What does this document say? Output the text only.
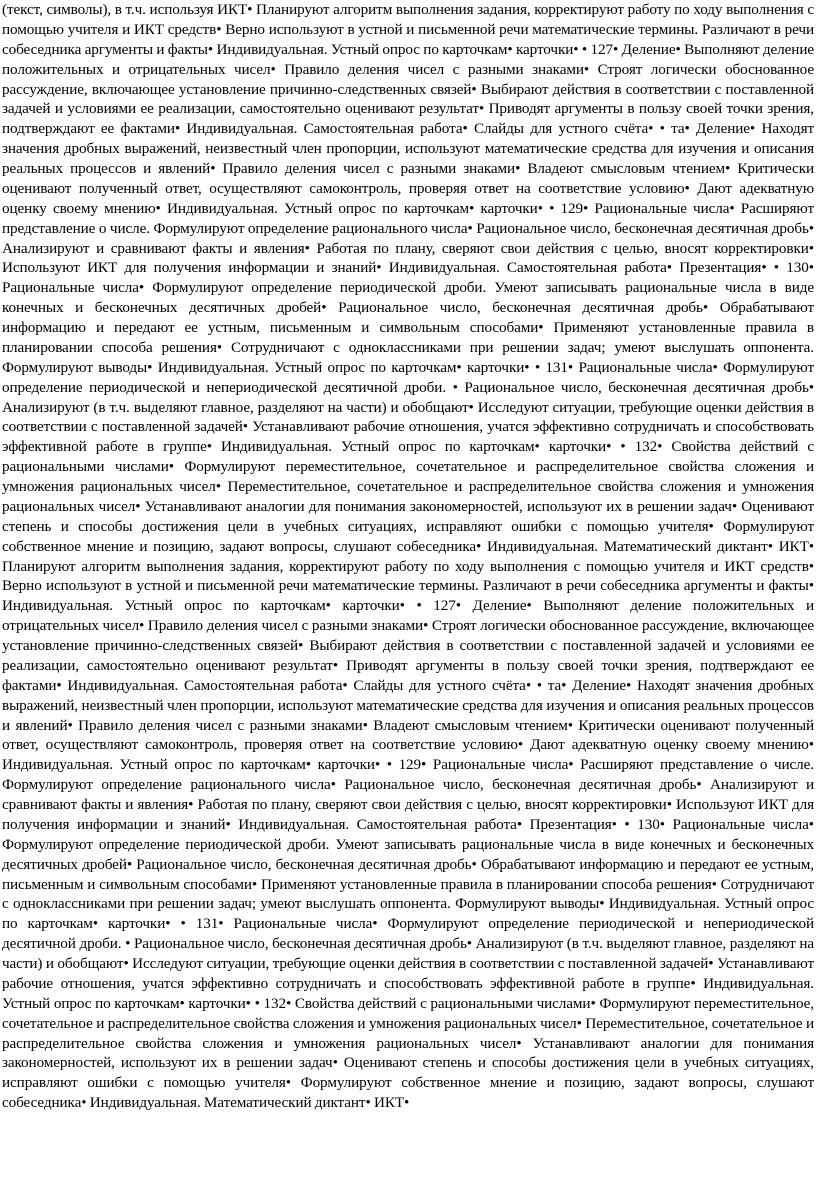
(текст, символы), в т.ч. используя ИКТ• Планируют алгоритм выполнения задания, корректируют работу по ходу выполнения с помощью учителя и ИКТ средств• Верно используют в устной и письменной речи математические термины. Различают в речи собеседника аргументы и факты• Индивидуальная. Устный опрос по карточкам• карточки• • 127• Деление• Выполняют деление положительных и отрицательных чисел• Правило деления чисел с разными знаками• Строят логически обоснованное рассуждение, включающее установление причинно-следственных связей• Выбирают действия в соответствии с поставленной задачей и условиями ее реализации, самостоятельно оценивают результат• Приводят аргументы в пользу своей точки зрения, подтверждают ее фактами• Индивидуальная. Самостоятельная работа• Слайды для устного счёта• • та• Деление• Находят значения дробных выражений, неизвестный член пропорции, используют математические средства для изучения и описания реальных процессов и явлений• Правило деления чисел с разными знаками• Владеют смысловым чтением• Критически оценивают полученный ответ, осуществляют самоконтроль, проверяя ответ на соответствие условию• Дают адекватную оценку своему мнению• Индивидуальная. Устный опрос по карточкам• карточки• • 129• Рациональные числа• Расширяют представление о числе. Формулируют определение рационального числа• Рациональное число, бесконечная десятичная дробь• Анализируют и сравнивают факты и явления• Работая по плану, сверяют свои действия с целью, вносят корректировки• Используют ИКТ для получения информации и знаний• Индивидуальная. Самостоятельная работа• Презентация• • 130• Рациональные числа• Формулируют определение периодической дроби. Умеют записывать рациональные числа в виде конечных и бесконечных десятичных дробей• Рациональное число, бесконечная десятичная дробь• Обрабатывают информацию и передают ее устным, письменным и символьным способами• Применяют установленные правила в планировании способа решения• Сотрудничают с одноклассниками при решении задач; умеют выслушать оппонента. Формулируют выводы• Индивидуальная. Устный опрос по карточкам• карточки• • 131• Рациональные числа• Формулируют определение периодической и непериодической десятичной дроби. • Рациональное число, бесконечная десятичная дробь• Анализируют (в т.ч. выделяют главное, разделяют на части) и обобщают• Исследуют ситуации, требующие оценки действия в соответствии с поставленной задачей• Устанавливают рабочие отношения, учатся эффективно сотрудничать и способствовать эффективной работе в группе• Индивидуальная. Устный опрос по карточкам• карточки• • 132• Свойства действий с рациональными числами• Формулируют переместительное, сочетательное и распределительное свойства сложения и умножения рациональных чисел• Переместительное, сочетательное и распределительное свойства сложения и умножения рациональных чисел• Устанавливают аналогии для понимания закономерностей, используют их в решении задач• Оценивают степень и способы достижения цели в учебных ситуациях, исправляют ошибки с помощью учителя• Формулируют собственное мнение и позицию, задают вопросы, слушают собеседника• Индивидуальная. Математический диктант• ИКТ• Планируют алгоритм выполнения задания, корректируют работу по ходу выполнения с помощью учителя и ИКТ средств• Верно используют в устной и письменной речи математические термины. Различают в речи собеседника аргументы и факты• Индивидуальная. Устный опрос по карточкам• карточки• • 127• Деление• Выполняют деление положительных и отрицательных чисел• Правило деления чисел с разными знаками• Строят логически обоснованное рассуждение, включающее установление причинно-следственных связей• Выбирают действия в соответствии с поставленной задачей и условиями ее реализации, самостоятельно оценивают результат• Приводят аргументы в пользу своей точки зрения, подтверждают ее фактами• Индивидуальная. Самостоятельная работа• Слайды для устного счёта• • та• Деление• Находят значения дробных выражений, неизвестный член пропорции, используют математические средства для изучения и описания реальных процессов и явлений• Правило деления чисел с разными знаками• Владеют смысловым чтением• Критически оценивают полученный ответ, осуществляют самоконтроль, проверяя ответ на соответствие условию• Дают адекватную оценку своему мнению• Индивидуальная. Устный опрос по карточкам• карточки• • 129• Рациональные числа• Расширяют представление о числе. Формулируют определение рационального числа• Рациональное число, бесконечная десятичная дробь• Анализируют и сравнивают факты и явления• Работая по плану, сверяют свои действия с целью, вносят корректировки• Используют ИКТ для получения информации и знаний• Индивидуальная. Самостоятельная работа• Презентация• • 130• Рациональные числа• Формулируют определение периодической дроби. Умеют записывать рациональные числа в виде конечных и бесконечных десятичных дробей• Рациональное число, бесконечная десятичная дробь• Обрабатывают информацию и передают ее устным, письменным и символьным способами• Применяют установленные правила в планировании способа решения• Сотрудничают с одноклассниками при решении задач; умеют выслушать оппонента. Формулируют выводы• Индивидуальная. Устный опрос по карточкам• карточки• • 131• Рациональные числа• Формулируют определение периодической и непериодической десятичной дроби. • Рациональное число, бесконечная десятичная дробь• Анализируют (в т.ч. выделяют главное, разделяют на части) и обобщают• Исследуют ситуации, требующие оценки действия в соответствии с поставленной задачей• Устанавливают рабочие отношения, учатся эффективно сотрудничать и способствовать эффективной работе в группе• Индивидуальная. Устный опрос по карточкам• карточки• • 132• Свойства действий с рациональными числами• Формулируют переместительное, сочетательное и распределительное свойства сложения и умножения рациональных чисел• Переместительное, сочетательное и распределительное свойства сложения и умножения рациональных чисел• Устанавливают аналогии для понимания закономерностей, используют их в решении задач• Оценивают степень и способы достижения цели в учебных ситуациях, исправляют ошибки с помощью учителя• Формулируют собственное мнение и позицию, задают вопросы, слушают собеседника• Индивидуальная. Математический диктант• ИКТ•
